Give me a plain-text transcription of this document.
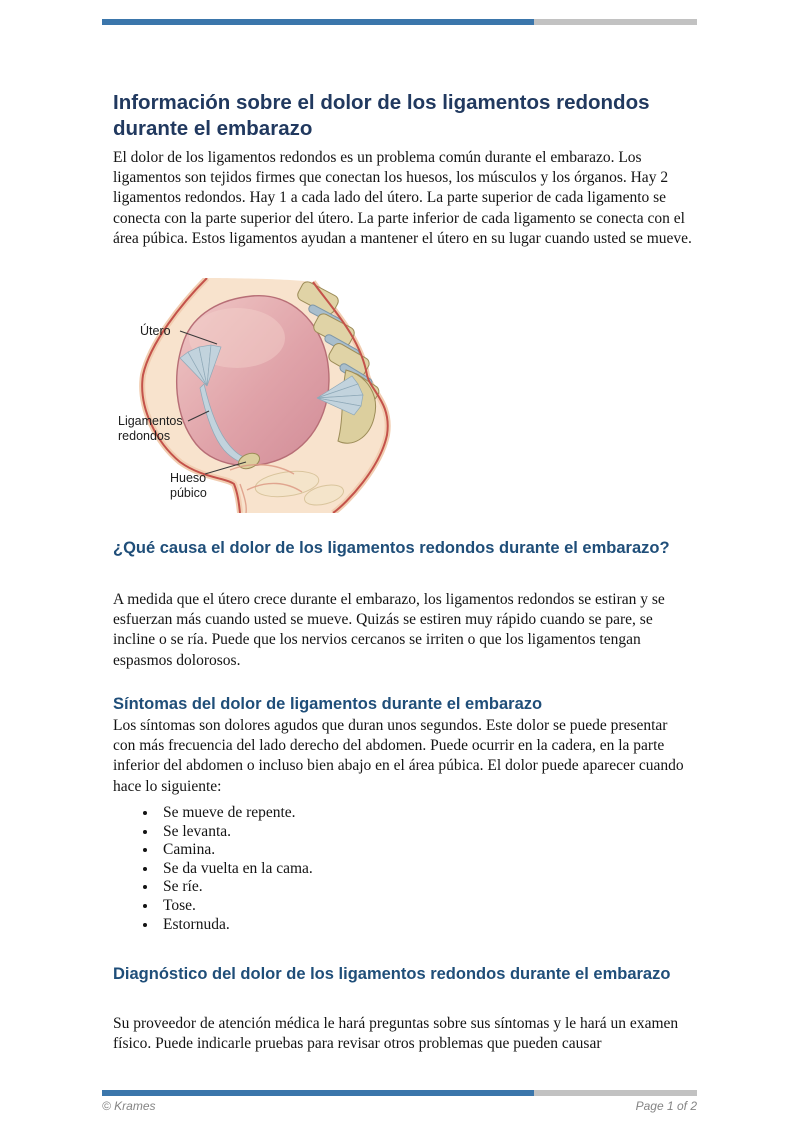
Información sobre el dolor de los ligamentos redondos durante el embarazo

El dolor de los ligamentos redondos es un problema común durante el embarazo. Los ligamentos son tejidos firmes que conectan los huesos, los músculos y los órganos. Hay 2 ligamentos redondos. Hay 1 a cada lado del útero. La parte superior de cada ligamento se conecta con la parte superior del útero. La parte inferior de cada ligamento se conecta con el área púbica. Estos ligamentos ayudan a mantener el útero en su lugar cuando usted se mueve.

Útero
Ligamentos redondos
Hueso púbico
¿Qué causa el dolor de los ligamentos redondos durante el embarazo?

A medida que el útero crece durante el embarazo, los ligamentos redondos se estiran y se esfuerzan más cuando usted se mueve. Quizás se estiren muy rápido cuando se pare, se incline o se ría. Puede que los nervios cercanos se irriten o que los ligamentos tengan espasmos dolorosos.

Síntomas del dolor de ligamentos durante el embarazo

Los síntomas son dolores agudos que duran unos segundos. Este dolor se puede presentar con más frecuencia del lado derecho del abdomen. Puede ocurrir en la cadera, en la parte inferior del abdomen o incluso bien abajo en el área púbica. El dolor puede aparecer cuando hace lo siguiente:

• Se mueve de repente.
• Se levanta.
• Camina.
• Se da vuelta en la cama.
• Se ríe.
• Tose.
• Estornuda.
Diagnóstico del dolor de los ligamentos redondos durante el embarazo

Su proveedor de atención médica le hará preguntas sobre sus síntomas y le hará un examen físico. Puede indicarle pruebas para revisar otros problemas que pueden causar

© Krames	Page 1 of 2
